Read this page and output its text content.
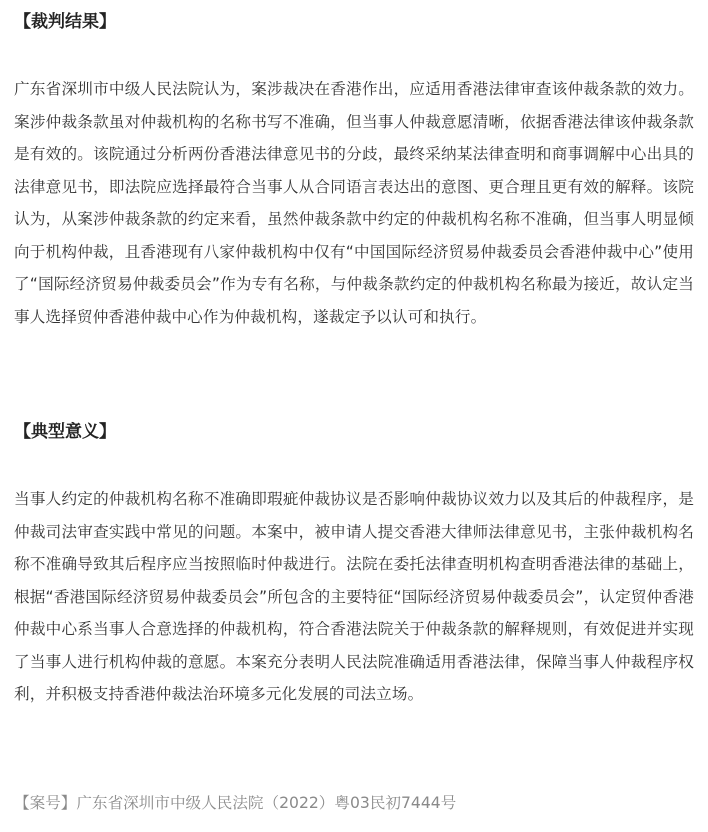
【裁判结果】

广东省深圳市中级人民法院认为，案涉裁决在香港作出，应适用香港法律审查该仲裁条款的效力。案涉仲裁条款虽对仲裁机构的名称书写不准确，但当事人仲裁意愿清晰，依据香港法律该仲裁条款是有效的。该院通过分析两份香港法律意见书的分歧，最终采纳某法律查明和商事调解中心出具的法律意见书，即法院应选择最符合当事人从合同语言表达出的意图、更合理且更有效的解释。该院认为，从案涉仲裁条款的约定来看，虽然仲裁条款中约定的仲裁机构名称不准确，但当事人明显倾向于机构仲裁，且香港现有八家仲裁机构中仅有“中国国际经济贸易仲裁委员会香港仲裁中心”使用了“国际经济贸易仲裁委员会”作为专有名称，与仲裁条款约定的仲裁机构名称最为接近，故认定当事人选择贸仲香港仲裁中心作为仲裁机构，遂裁定予以认可和执行。

【典型意义】

当事人约定的仲裁机构名称不准确即瑕疵仲裁协议是否影响仲裁协议效力以及其后的仲裁程序，是仲裁司法审查实践中常见的问题。本案中，被申请人提交香港大律师法律意见书，主张仲裁机构名称不准确导致其后程序应当按照临时仲裁进行。法院在委托法律查明机构查明香港法律的基础上，根据“香港国际经济贸易仲裁委员会”所包含的主要特征“国际经济贸易仲裁委员会”，认定贸仲香港仲裁中心系当事人合意选择的仲裁机构，符合香港法院关于仲裁条款的解释规则，有效促进并实现了当事人进行机构仲裁的意愿。本案充分表明人民法院准确适用香港法律，保障当事人仲裁程序权利，并积极支持香港仲裁法治环境多元化发展的司法立场。

【案号】广东省深圳市中级人民法院（2022）粤03民初7444号
